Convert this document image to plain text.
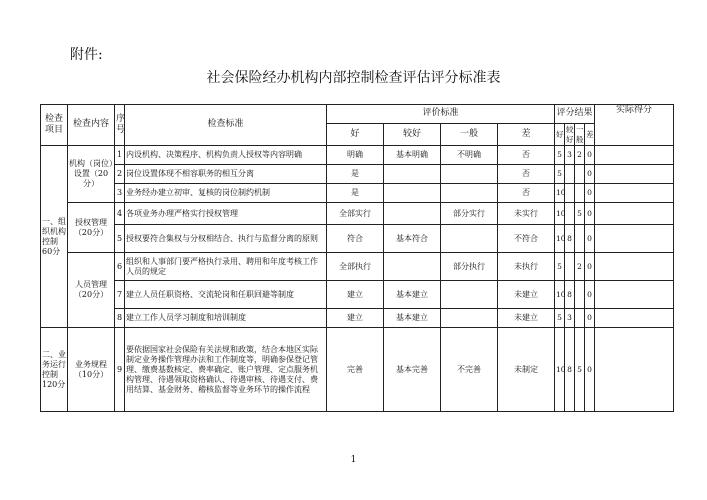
附件:
社会保险经办机构内部控制检查评估评分标准表
检查项目	检查内容	序号	检查标准	评价标准				评分结果				实际得分
				好	较好	一般	差	好	较好	一般	差	
一、组织机构控制60分	机构（岗位）设置（20分）	1	内设机构、决策程序、机构负责人授权等内容明确	明确	基本明确	不明确	否	5	3	2	0	
		2	岗位设置体现不相容职务的相互分离	是			否	5			0	
		3	业务经办建立初审、复核的岗位制约机制	是			否	10			0	
	授权管理（20分）	4	各项业务办理严格实行授权管理	全部实行		部分实行	未实行	10		5	0	
		5	授权要符合集权与分权相结合、执行与监督分离的原则	符合	基本符合		不符合	10	8		0	
	人员管理（20分）	6	组织和人事部门要严格执行录用、聘用和年度考核工作人员的规定	全部执行		部分执行	未执行	5		2	0	
		7	建立人员任职资格、交流轮岗和任职回避等制度	建立	基本建立		未建立	10	8		0	
		8	建立工作人员学习制度和培训制度	建立	基本建立		未建立	5	3		0	
二、业务运行控制120分	业务规程（10分）	9	要依据国家社会保险有关法规和政策，结合本地区实际制定业务操作管理办法和工作制度等，明确参保登记管理、缴费基数核定、费率确定、账户管理、定点服务机构管理、待遇领取资格确认、待遇审核、待遇支付、费用结算、基金财务、稽核监督等业务环节的操作流程	完善	基本完善	不完善	未制定	10	8	5	0	
1
